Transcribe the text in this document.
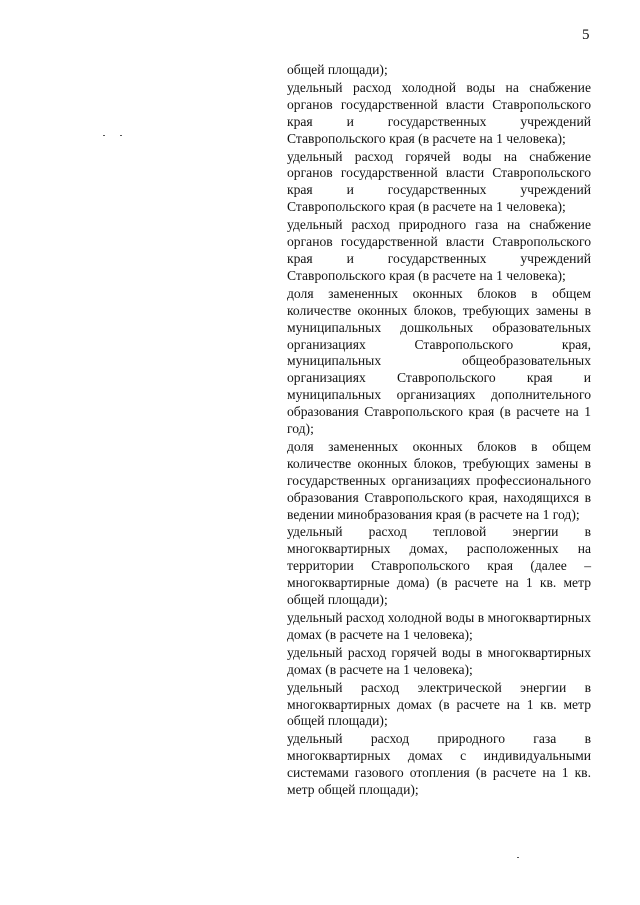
5

общей площади);

удельный расход холодной воды на снабжение органов государственной власти Ставропольского края и государственных учреждений Ставропольского края (в расчете на 1 человека);

удельный расход горячей воды на снабжение органов государственной власти Ставропольского края и государственных учреждений Ставропольского края (в расчете на 1 человека);

удельный расход природного газа на снабжение органов государственной власти Ставропольского края и государственных учреждений Ставропольского края (в расчете на 1 человека);

доля замененных оконных блоков в общем количестве оконных блоков, требующих замены в муниципальных дошкольных образовательных организациях Ставропольского края, муниципальных общеобразовательных организациях Ставропольского края и муниципальных организациях дополнительного образования Ставропольского края (в расчете на 1 год);

доля замененных оконных блоков в общем количестве оконных блоков, требующих замены в государственных организациях профессионального образования Ставропольского края, находящихся в ведении минобразования края (в расчете на 1 год);

удельный расход тепловой энергии в многоквартирных домах, расположенных на территории Ставропольского края (далее – многоквартирные дома) (в расчете на 1 кв. метр общей площади);

удельный расход холодной воды в многоквартирных домах (в расчете на 1 человека);

удельный расход горячей воды в многоквартирных домах (в расчете на 1 человека);

удельный расход электрической энергии в многоквартирных домах (в расчете на 1 кв. метр общей площади);

удельный расход природного газа в многоквартирных домах с индивидуальными системами газового отопления (в расчете на 1 кв. метр общей площади);
